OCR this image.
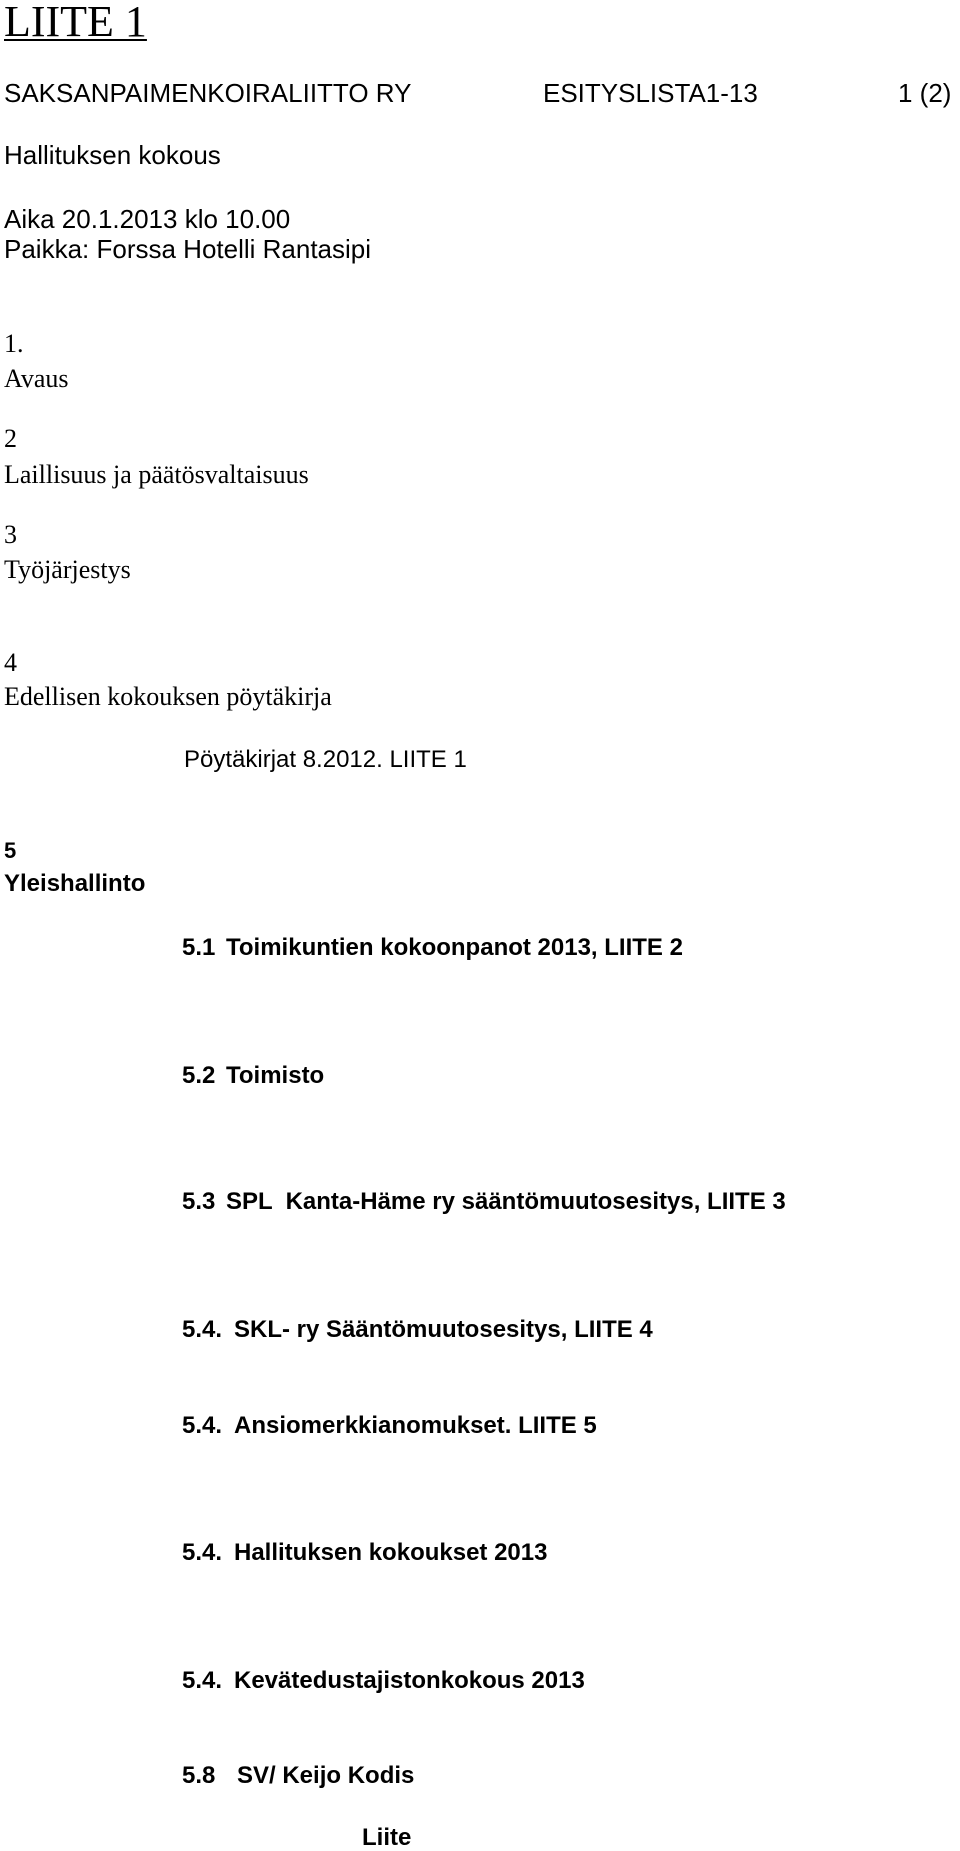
LIITE 1
SAKSANPAIMENKOIRALIITTO RY	ESITYSLISTA1-13	1 (2)
Hallituksen kokous
Aika 20.1.2013 klo 10.00
Paikka: Forssa Hotelli Rantasipi
1.
Avaus
2
Laillisuus ja päätösvaltaisuus
3
Työjärjestys
4
Edellisen kokouksen pöytäkirja
Pöytäkirjat 8.2012. LIITE 1
5
Yleishallinto
5.1 Toimikuntien kokoonpanot 2013, LIITE 2
5.2 Toimisto
5.3 SPL  Kanta-Häme ry sääntömuutosesitys, LIITE 3
5.4. SKL- ry Sääntömuutosesitys, LIITE 4
5.4. Ansiomerkkianomukset. LIITE 5
5.4. Hallituksen kokoukset 2013
5.4. Kevätedustajistonkokous 2013
5.8 SV/ Keijo Kodis
Liite
